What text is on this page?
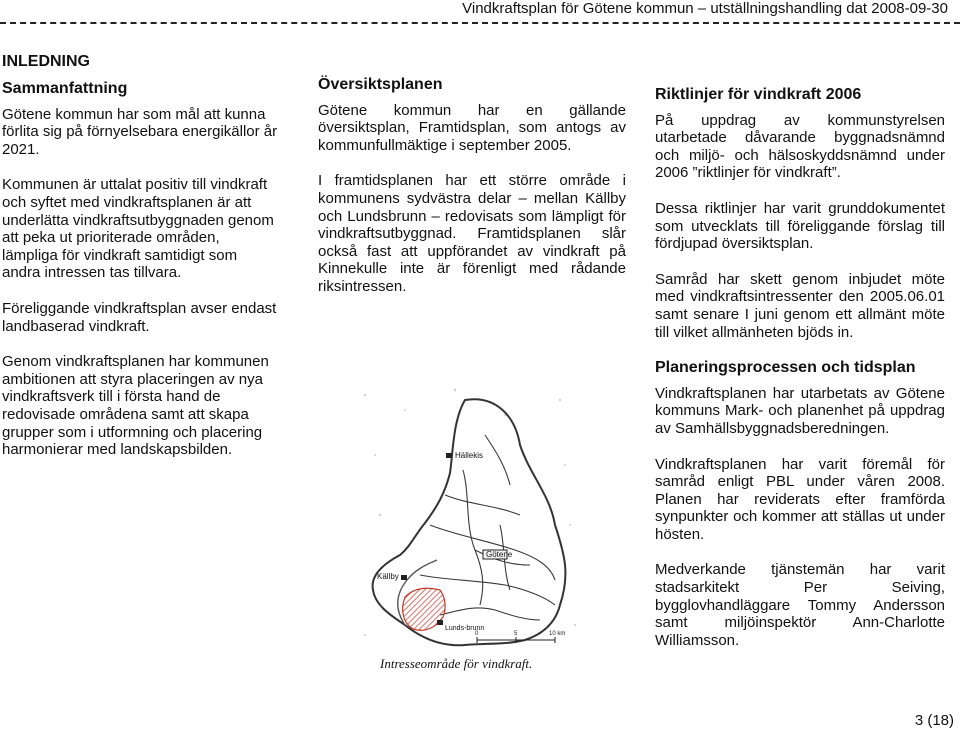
Vindkraftsplan för Götene kommun – utställningshandling dat 2008-09-30
INLEDNING
Sammanfattning

Götene kommun har som mål att kunna förlita sig på förnyelsebara energikällor år 2021.

Kommunen är uttalat positiv till vindkraft och syftet med vindkraftsplanen är att underlätta vindkraftsutbyggnaden genom att peka ut prioriterade områden, lämpliga för vindkraft samtidigt som andra intressen tas tillvara.

Föreliggande vindkraftsplan avser endast landbaserad vindkraft.

Genom vindkraftsplanen har kommunen ambitionen att styra placeringen av nya vindkraftsverk till i första hand de redovisade områdena samt att skapa grupper som i utformning och placering harmonierar med landskapsbilden.

Översiktsplanen

Götene kommun har en gällande översiktsplan, Framtidsplan, som antogs av kommunfullmäktige i september 2005.

I framtidsplanen har ett större område i kommunens sydvästra delar – mellan Källby och Lundsbrunn – redovisats som lämpligt för vindkraftsutbyggnad. Framtidsplanen slår också fast att uppförandet av vindkraft på Kinnekulle inte är förenligt med rådande riksintressen.

Hällekis
Götene
Källby
Lunds-brunn
0	5	10 km
Intresseområde för vindkraft.
Riktlinjer för vindkraft 2006

På uppdrag av kommunstyrelsen utarbetade dåvarande byggnadsnämnd och miljö- och hälsoskyddsnämnd under 2006 ”riktlinjer för vindkraft”.

Dessa riktlinjer har varit grunddokumentet som utvecklats till föreliggande förslag till fördjupad översiktsplan.

Samråd har skett genom inbjudet möte med vindkraftsintressenter den 2005.06.01 samt senare I juni genom ett allmänt möte till vilket allmänheten bjöds in.

Planeringsprocessen och tidsplan

Vindkraftsplanen har utarbetats av Götene kommuns Mark- och planenhet på uppdrag av Samhällsbyggnadsberedningen.

Vindkraftsplanen har varit föremål för samråd enligt PBL under våren 2008. Planen har reviderats efter framförda synpunkter och kommer att ställas ut under hösten.

Medverkande tjänstemän har varit stadsarkitekt Per Seiving, bygglovhandläggare Tommy Andersson samt miljöinspektör Ann-Charlotte Williamsson.

3 (18)
